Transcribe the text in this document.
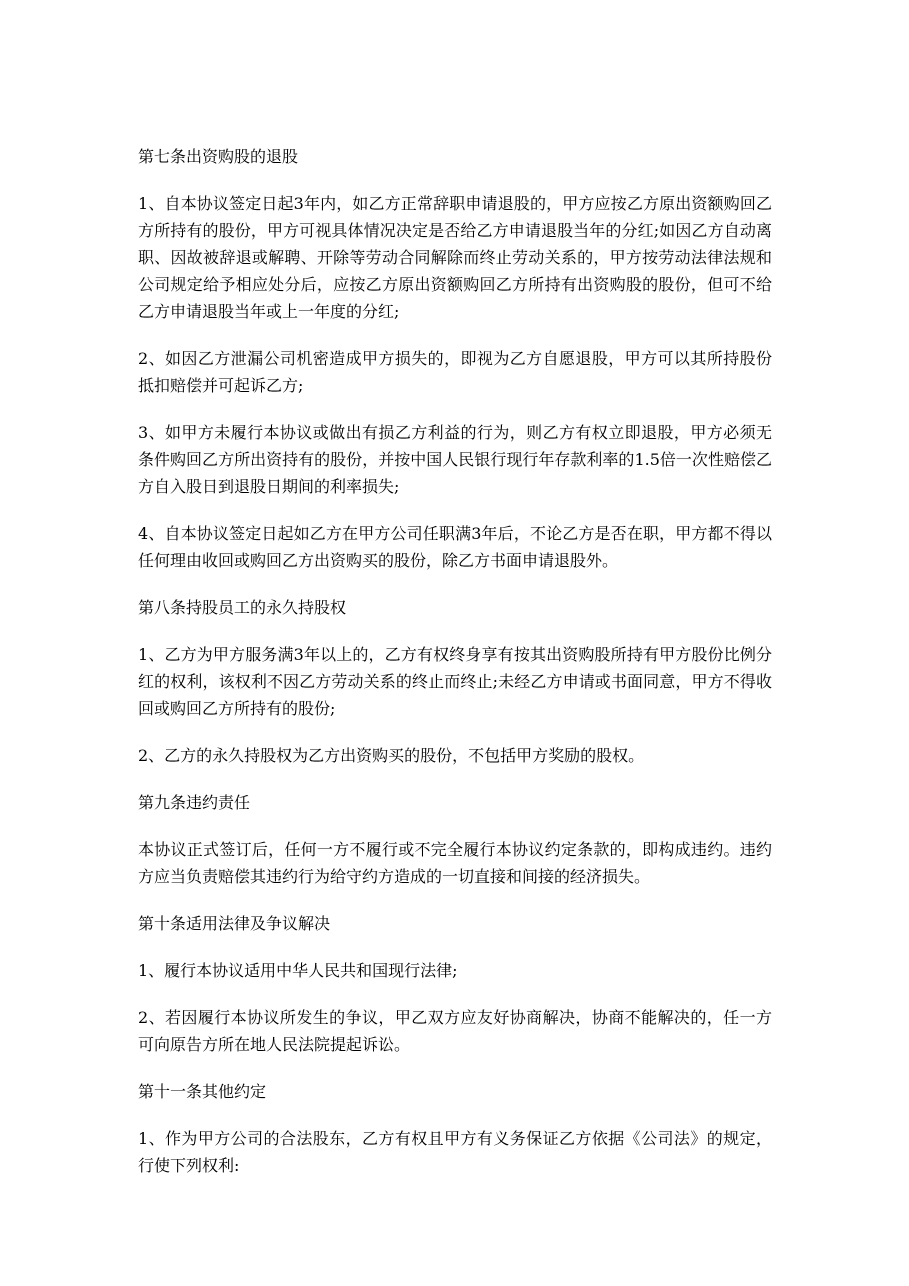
第七条出资购股的退股

1、自本协议签定日起3年内，如乙方正常辞职申请退股的，甲方应按乙方原出资额购回乙方所持有的股份，甲方可视具体情况决定是否给乙方申请退股当年的分红;如因乙方自动离职、因故被辞退或解聘、开除等劳动合同解除而终止劳动关系的，甲方按劳动法律法规和公司规定给予相应处分后，应按乙方原出资额购回乙方所持有出资购股的股份，但可不给乙方申请退股当年或上一年度的分红;

2、如因乙方泄漏公司机密造成甲方损失的，即视为乙方自愿退股，甲方可以其所持股份抵扣赔偿并可起诉乙方;

3、如甲方未履行本协议或做出有损乙方利益的行为，则乙方有权立即退股，甲方必须无条件购回乙方所出资持有的股份，并按中国人民银行现行年存款利率的1.5倍一次性赔偿乙方自入股日到退股日期间的利率损失;

4、自本协议签定日起如乙方在甲方公司任职满3年后，不论乙方是否在职，甲方都不得以任何理由收回或购回乙方出资购买的股份，除乙方书面申请退股外。

第八条持股员工的永久持股权

1、乙方为甲方服务满3年以上的，乙方有权终身享有按其出资购股所持有甲方股份比例分红的权利，该权利不因乙方劳动关系的终止而终止;未经乙方申请或书面同意，甲方不得收回或购回乙方所持有的股份;

2、乙方的永久持股权为乙方出资购买的股份，不包括甲方奖励的股权。

第九条违约责任

本协议正式签订后，任何一方不履行或不完全履行本协议约定条款的，即构成违约。违约方应当负责赔偿其违约行为给守约方造成的一切直接和间接的经济损失。

第十条适用法律及争议解决

1、履行本协议适用中华人民共和国现行法律;

2、若因履行本协议所发生的争议，甲乙双方应友好协商解决，协商不能解决的，任一方可向原告方所在地人民法院提起诉讼。

第十一条其他约定

1、作为甲方公司的合法股东，乙方有权且甲方有义务保证乙方依据《公司法》的规定，行使下列权利:
